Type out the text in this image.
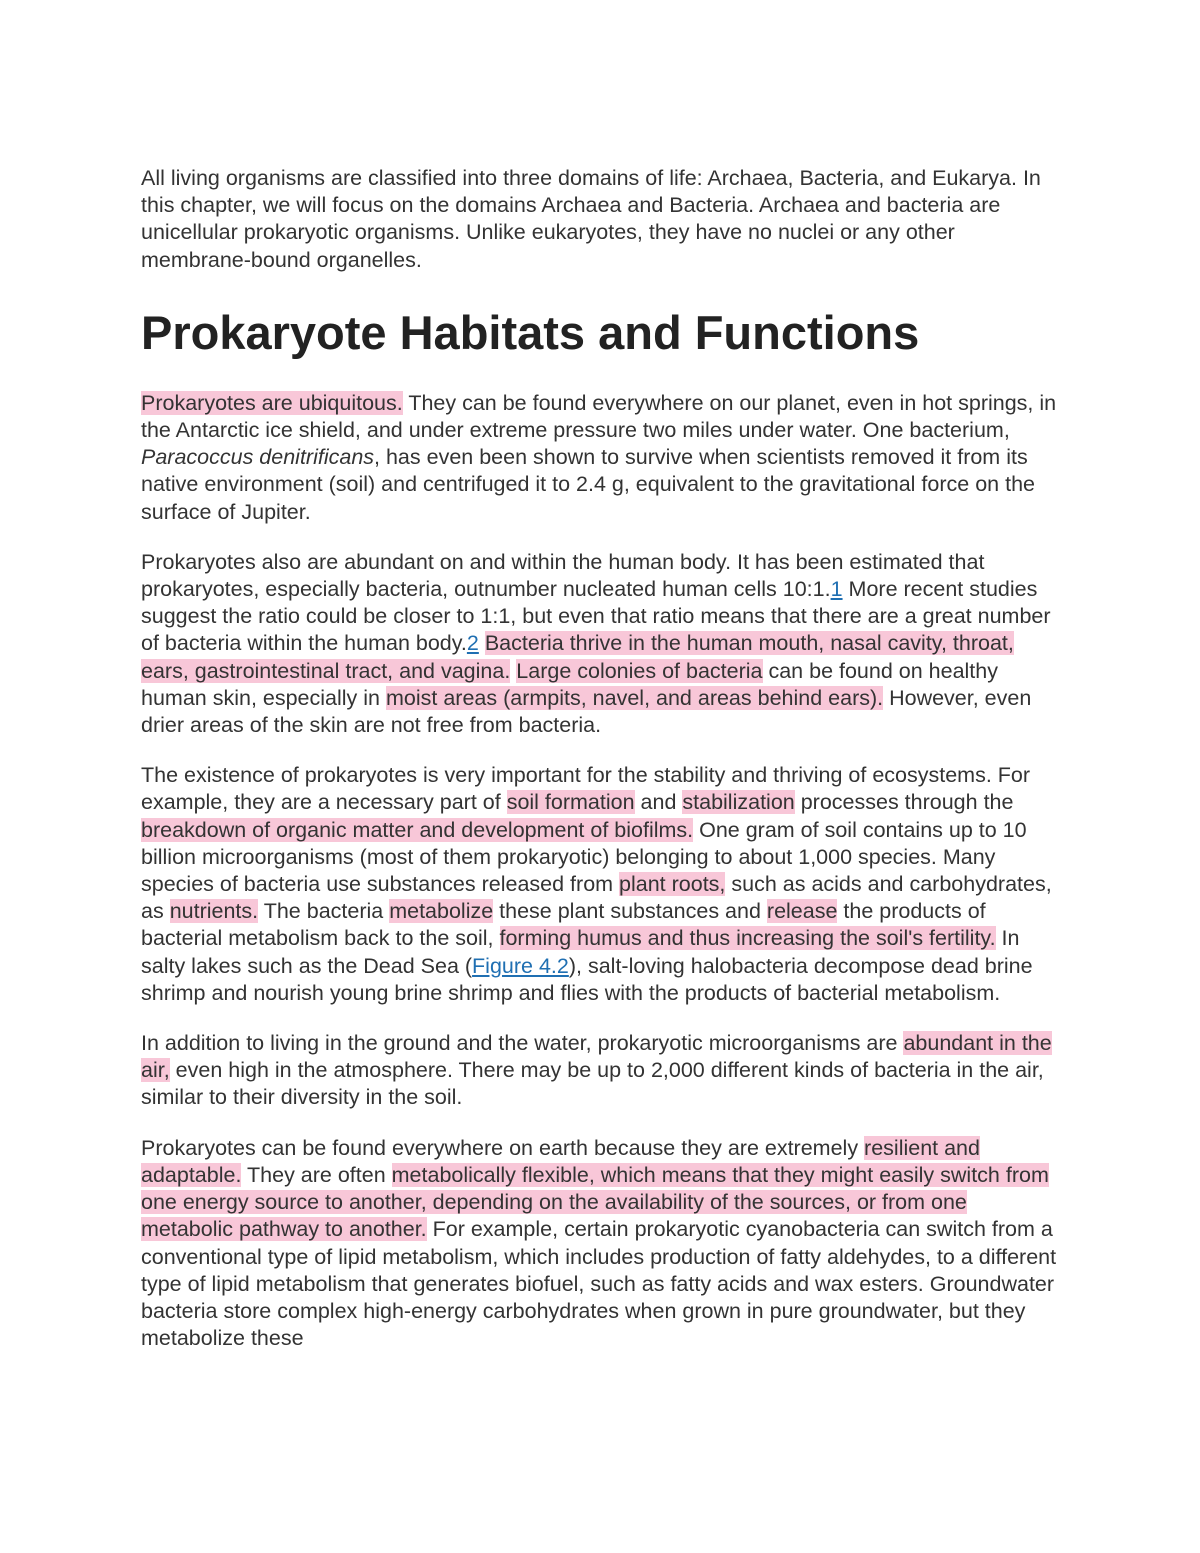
All living organisms are classified into three domains of life: Archaea, Bacteria, and Eukarya. In this chapter, we will focus on the domains Archaea and Bacteria. Archaea and bacteria are unicellular prokaryotic organisms. Unlike eukaryotes, they have no nuclei or any other membrane-bound organelles.

Prokaryote Habitats and Functions

Prokaryotes are ubiquitous. They can be found everywhere on our planet, even in hot springs, in the Antarctic ice shield, and under extreme pressure two miles under water. One bacterium, Paracoccus denitrificans, has even been shown to survive when scientists removed it from its native environment (soil) and centrifuged it to 2.4 g, equivalent to the gravitational force on the surface of Jupiter.

Prokaryotes also are abundant on and within the human body. It has been estimated that prokaryotes, especially bacteria, outnumber nucleated human cells 10:1.1 More recent studies suggest the ratio could be closer to 1:1, but even that ratio means that there are a great number of bacteria within the human body.2 Bacteria thrive in the human mouth, nasal cavity, throat, ears, gastrointestinal tract, and vagina. Large colonies of bacteria can be found on healthy human skin, especially in moist areas (armpits, navel, and areas behind ears). However, even drier areas of the skin are not free from bacteria.

The existence of prokaryotes is very important for the stability and thriving of ecosystems. For example, they are a necessary part of soil formation and stabilization processes through the breakdown of organic matter and development of biofilms. One gram of soil contains up to 10 billion microorganisms (most of them prokaryotic) belonging to about 1,000 species. Many species of bacteria use substances released from plant roots, such as acids and carbohydrates, as nutrients. The bacteria metabolize these plant substances and release the products of bacterial metabolism back to the soil, forming humus and thus increasing the soil's fertility. In salty lakes such as the Dead Sea (Figure 4.2), salt-loving halobacteria decompose dead brine shrimp and nourish young brine shrimp and flies with the products of bacterial metabolism.

In addition to living in the ground and the water, prokaryotic microorganisms are abundant in the air, even high in the atmosphere. There may be up to 2,000 different kinds of bacteria in the air, similar to their diversity in the soil.

Prokaryotes can be found everywhere on earth because they are extremely resilient and adaptable. They are often metabolically flexible, which means that they might easily switch from one energy source to another, depending on the availability of the sources, or from one metabolic pathway to another. For example, certain prokaryotic cyanobacteria can switch from a conventional type of lipid metabolism, which includes production of fatty aldehydes, to a different type of lipid metabolism that generates biofuel, such as fatty acids and wax esters. Groundwater bacteria store complex high-energy carbohydrates when grown in pure groundwater, but they metabolize these
